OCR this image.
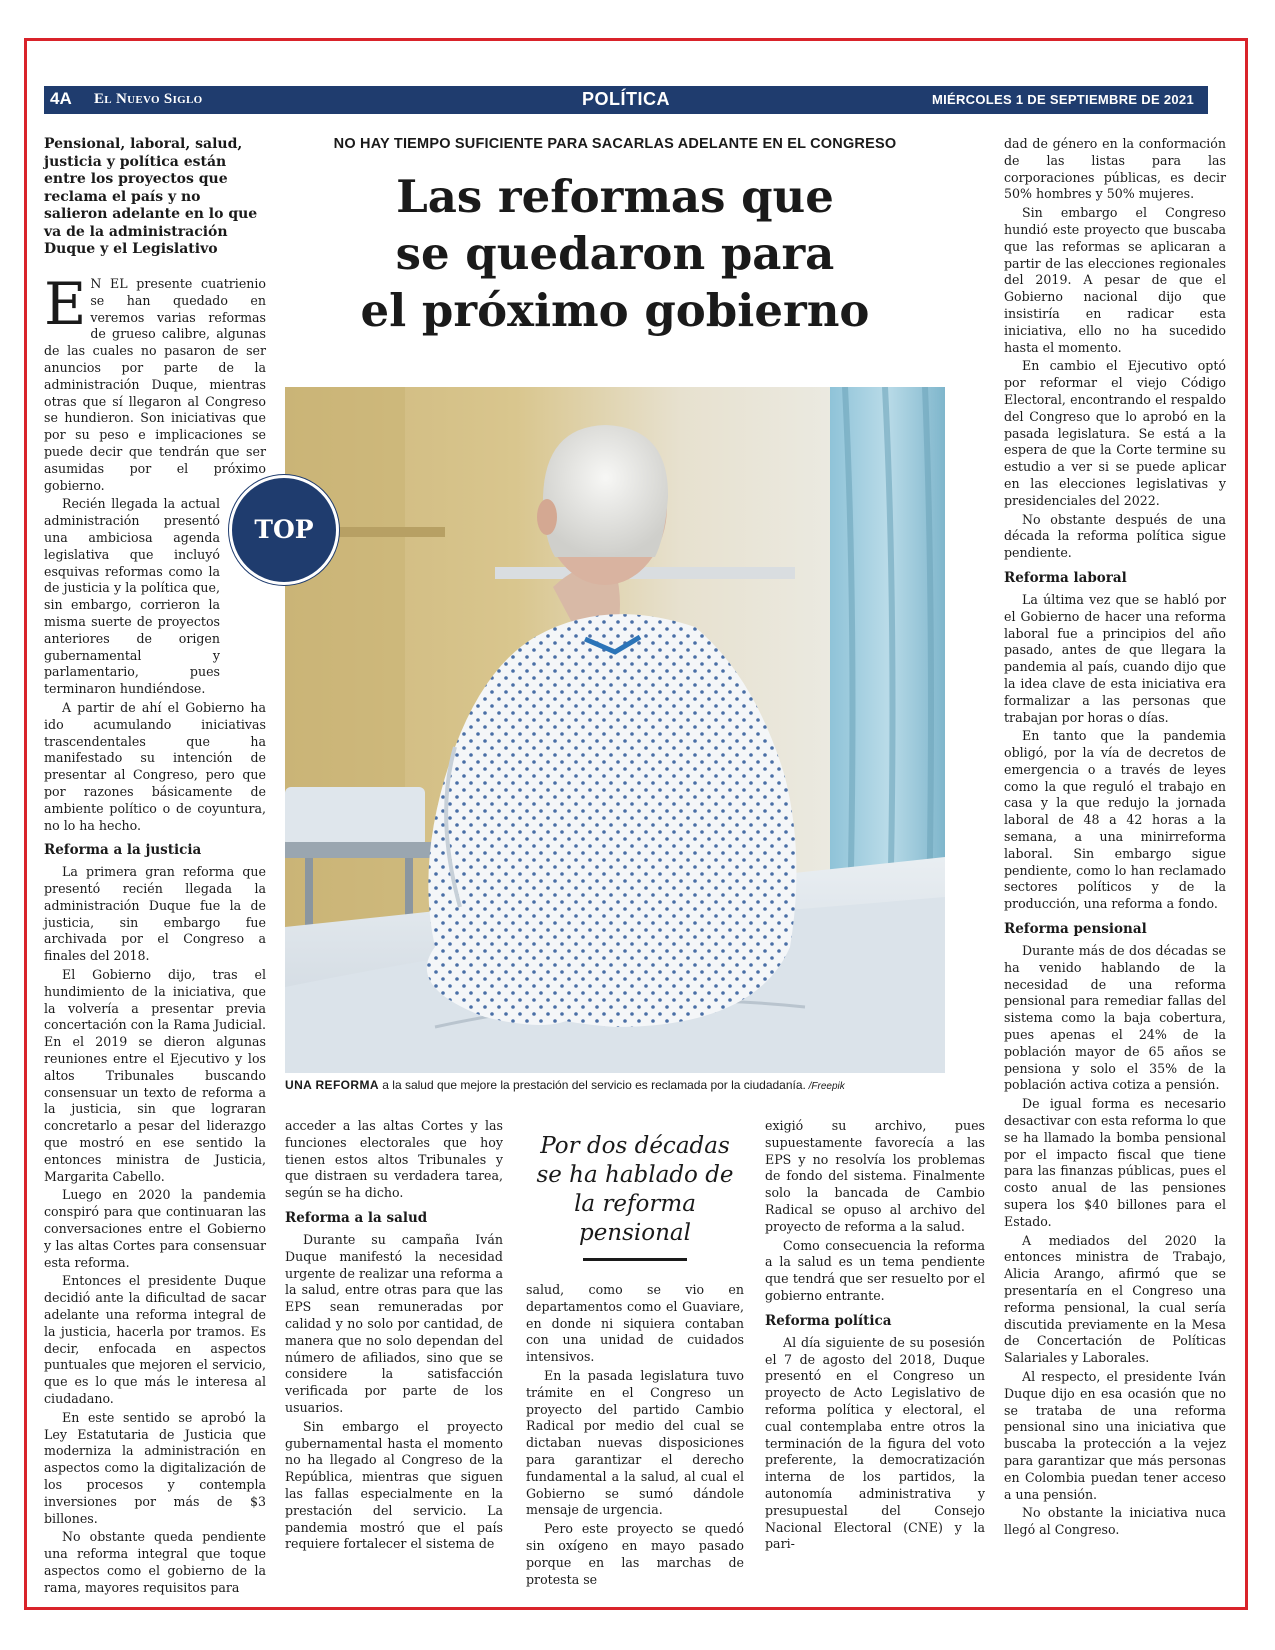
4A El Nuevo Siglo	POLÍTICA	MIÉRCOLES 1 DE SEPTIEMBRE DE 2021
Pensional, laboral, salud, justicia y política están entre los proyectos que reclama el país y no salieron adelante en lo que va de la administración Duque y el Legislativo
NO HAY TIEMPO SUFICIENTE PARA SACARLAS ADELANTE EN EL CONGRESO
Las reformas que
se quedaron para
el próximo gobierno
TOP
UNA REFORMA a la salud que mejore la prestación del servicio es reclamada por la ciudadanía. /Freepik

E N EL presente cuatrienio se han quedado en veremos varias reformas de grueso calibre, algunas de las cuales no pasaron de ser anuncios por parte de la administración Duque, mientras otras que sí llegaron al Congreso se hundieron. Son iniciativas que por su peso e implicaciones se puede decir que tendrán que ser asumidas por el próximo gobierno.

Recién llegada la actual administración presentó una ambiciosa agenda legislativa que incluyó esquivas reformas como la de justicia y la política que, sin embargo, corrieron la misma suerte de proyectos anteriores de origen gubernamental y parlamentario, pues terminaron hundiéndose.

A partir de ahí el Gobierno ha ido acumulando iniciativas trascendentales que ha manifestado su intención de presentar al Congreso, pero que por razones básicamente de ambiente político o de coyuntura, no lo ha hecho.

Reforma a la justicia

La primera gran reforma que presentó recién llegada la administración Duque fue la de justicia, sin embargo fue archivada por el Congreso a finales del 2018.

El Gobierno dijo, tras el hundimiento de la iniciativa, que la volvería a presentar previa concertación con la Rama Judicial. En el 2019 se dieron algunas reuniones entre el Ejecutivo y los altos Tribunales buscando consensuar un texto de reforma a la justicia, sin que lograran concretarlo a pesar del liderazgo que mostró en ese sentido la entonces ministra de Justicia, Margarita Cabello.

Luego en 2020 la pandemia conspiró para que continuaran las conversaciones entre el Gobierno y las altas Cortes para consensuar esta reforma.

Entonces el presidente Duque decidió ante la dificultad de sacar adelante una reforma integral de la justicia, hacerla por tramos. Es decir, enfocada en aspectos puntuales que mejoren el servicio, que es lo que más le interesa al ciudadano.

En este sentido se aprobó la Ley Estatutaria de Justicia que moderniza la administración en aspectos como la digitalización de los procesos y contempla inversiones por más de $3 billones.

No obstante queda pendiente una reforma integral que toque aspectos como el gobierno de la rama, mayores requisitos para

acceder a las altas Cortes y las funciones electorales que hoy tienen estos altos Tribunales y que distraen su verdadera tarea, según se ha dicho.

Reforma a la salud

Durante su campaña Iván Duque manifestó la necesidad urgente de realizar una reforma a la salud, entre otras para que las EPS sean remuneradas por calidad y no solo por cantidad, de manera que no solo dependan del número de afiliados, sino que se considere la satisfacción verificada por parte de los usuarios.

Sin embargo el proyecto gubernamental hasta el momento no ha llegado al Congreso de la República, mientras que siguen las fallas especialmente en la prestación del servicio. La pandemia mostró que el país requiere fortalecer el sistema de

Por dos décadas se ha hablado de la reforma pensional

salud, como se vio en departamentos como el Guaviare, en donde ni siquiera contaban con una unidad de cuidados intensivos.

En la pasada legislatura tuvo trámite en el Congreso un proyecto del partido Cambio Radical por medio del cual se dictaban nuevas disposiciones para garantizar el derecho fundamental a la salud, al cual el Gobierno se sumó dándole mensaje de urgencia.

Pero este proyecto se quedó sin oxígeno en mayo pasado porque en las marchas de protesta se

exigió su archivo, pues supuestamente favorecía a las EPS y no resolvía los problemas de fondo del sistema. Finalmente solo la bancada de Cambio Radical se opuso al archivo del proyecto de reforma a la salud.

Como consecuencia la reforma a la salud es un tema pendiente que tendrá que ser resuelto por el gobierno entrante.

Reforma política

Al día siguiente de su posesión el 7 de agosto del 2018, Duque presentó en el Congreso un proyecto de Acto Legislativo de reforma política y electoral, el cual contemplaba entre otros la terminación de la figura del voto preferente, la democratización interna de los partidos, la autonomía administrativa y presupuestal del Consejo Nacional Electoral (CNE) y la pari-

dad de género en la conformación de las listas para las corporaciones públicas, es decir 50% hombres y 50% mujeres.

Sin embargo el Congreso hundió este proyecto que buscaba que las reformas se aplicaran a partir de las elecciones regionales del 2019. A pesar de que el Gobierno nacional dijo que insistiría en radicar esta iniciativa, ello no ha sucedido hasta el momento.

En cambio el Ejecutivo optó por reformar el viejo Código Electoral, encontrando el respaldo del Congreso que lo aprobó en la pasada legislatura. Se está a la espera de que la Corte termine su estudio a ver si se puede aplicar en las elecciones legislativas y presidenciales del 2022.

No obstante después de una década la reforma política sigue pendiente.

Reforma laboral

La última vez que se habló por el Gobierno de hacer una reforma laboral fue a principios del año pasado, antes de que llegara la pandemia al país, cuando dijo que la idea clave de esta iniciativa era formalizar a las personas que trabajan por horas o días.

En tanto que la pandemia obligó, por la vía de decretos de emergencia o a través de leyes como la que reguló el trabajo en casa y la que redujo la jornada laboral de 48 a 42 horas a la semana, a una minirreforma laboral. Sin embargo sigue pendiente, como lo han reclamado sectores políticos y de la producción, una reforma a fondo.

Reforma pensional

Durante más de dos décadas se ha venido hablando de la necesidad de una reforma pensional para remediar fallas del sistema como la baja cobertura, pues apenas el 24% de la población mayor de 65 años se pensiona y solo el 35% de la población activa cotiza a pensión.

De igual forma es necesario desactivar con esta reforma lo que se ha llamado la bomba pensional por el impacto fiscal que tiene para las finanzas públicas, pues el costo anual de las pensiones supera los $40 billones para el Estado.

A mediados del 2020 la entonces ministra de Trabajo, Alicia Arango, afirmó que se presentaría en el Congreso una reforma pensional, la cual sería discutida previamente en la Mesa de Concertación de Políticas Salariales y Laborales.

Al respecto, el presidente Iván Duque dijo en esa ocasión que no se trataba de una reforma pensional sino una iniciativa que buscaba la protección a la vejez para garantizar que más personas en Colombia puedan tener acceso a una pensión.

No obstante la iniciativa nuca llegó al Congreso.
